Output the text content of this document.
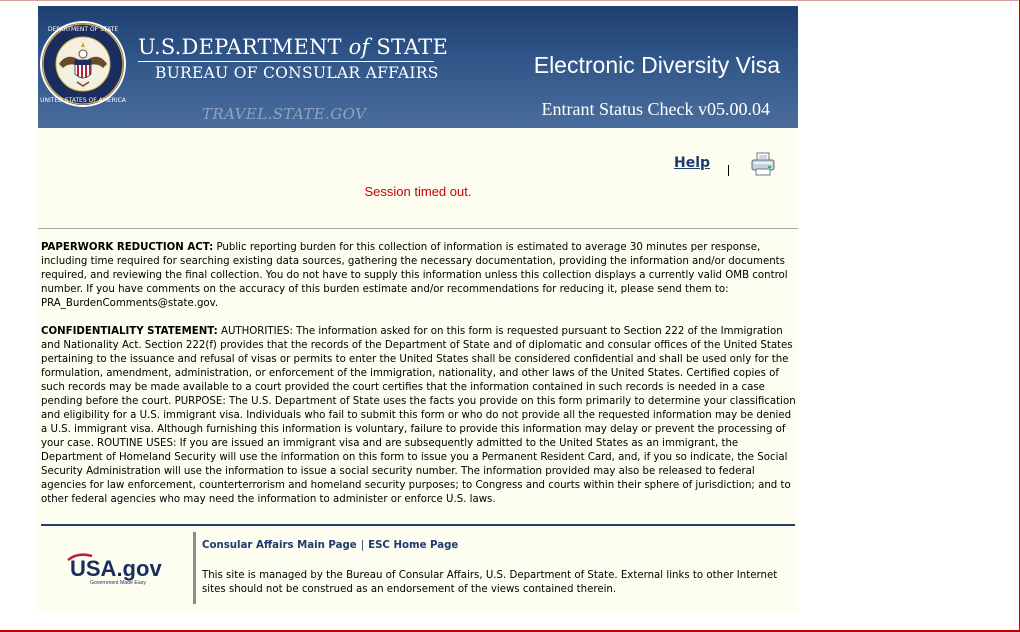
DEPARTMENT OF STATE
UNITED STATES OF AMERICA
U.S.DEPARTMENT of STATE
BUREAU OF CONSULAR AFFAIRS
TRAVEL.STATE.GOV
Electronic Diversity Visa
Entrant Status Check v05.00.04
Help
Session timed out.
PAPERWORK REDUCTION ACT: Public reporting burden for this collection of information is estimated to average 30 minutes per response, including time required for searching existing data sources, gathering the necessary documentation, providing the information and/or documents required, and reviewing the final collection. You do not have to supply this information unless this collection displays a currently valid OMB control number. If you have comments on the accuracy of this burden estimate and/or recommendations for reducing it, please send them to: PRA_BurdenComments@state.gov.
CONFIDENTIALITY STATEMENT: AUTHORITIES: The information asked for on this form is requested pursuant to Section 222 of the Immigration and Nationality Act. Section 222(f) provides that the records of the Department of State and of diplomatic and consular offices of the United States pertaining to the issuance and refusal of visas or permits to enter the United States shall be considered confidential and shall be used only for the formulation, amendment, administration, or enforcement of the immigration, nationality, and other laws of the United States. Certified copies of such records may be made available to a court provided the court certifies that the information contained in such records is needed in a case pending before the court. PURPOSE: The U.S. Department of State uses the facts you provide on this form primarily to determine your classification and eligibility for a U.S. immigrant visa. Individuals who fail to submit this form or who do not provide all the requested information may be denied a U.S. immigrant visa. Although furnishing this information is voluntary, failure to provide this information may delay or prevent the processing of your case. ROUTINE USES: If you are issued an immigrant visa and are subsequently admitted to the United States as an immigrant, the Department of Homeland Security will use the information on this form to issue you a Permanent Resident Card, and, if you so indicate, the Social Security Administration will use the information to issue a social security number. The information provided may also be released to federal agencies for law enforcement, counterterrorism and homeland security purposes; to Congress and courts within their sphere of jurisdiction; and to other federal agencies who may need the information to administer or enforce U.S. laws.
USA.gov
Government Made Easy
Consular Affairs Main Page | ESC Home Page
This site is managed by the Bureau of Consular Affairs, U.S. Department of State. External links to other Internet sites should not be construed as an endorsement of the views contained therein.
